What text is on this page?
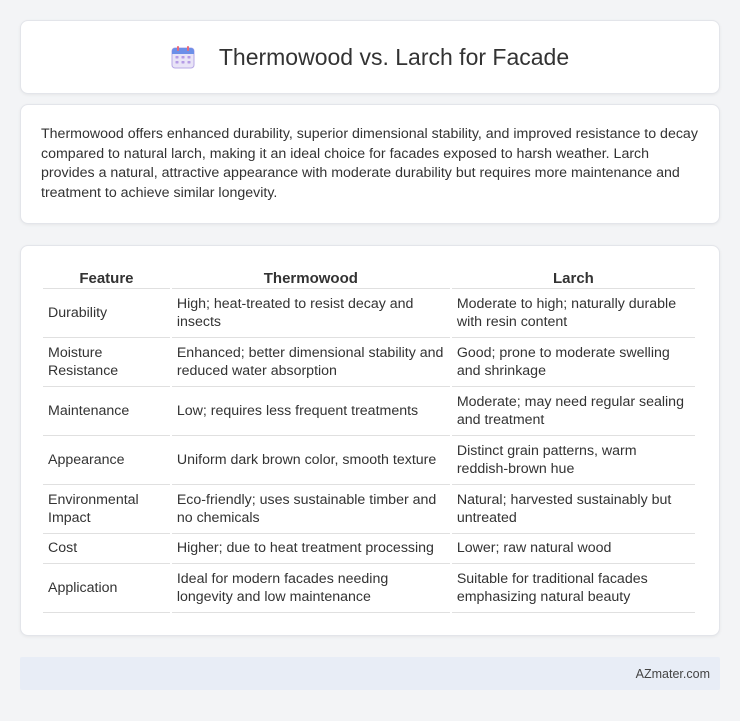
Thermowood vs. Larch for Facade

Thermowood offers enhanced durability, superior dimensional stability, and improved resistance to decay compared to natural larch, making it an ideal choice for facades exposed to harsh weather. Larch provides a natural, attractive appearance with moderate durability but requires more maintenance and treatment to achieve similar longevity.

Feature	Thermowood	Larch
Durability	High; heat-treated to resist decay and insects	Moderate to high; naturally durable with resin content
Moisture Resistance	Enhanced; better dimensional stability and reduced water absorption	Good; prone to moderate swelling and shrinkage
Maintenance	Low; requires less frequent treatments	Moderate; may need regular sealing and treatment
Appearance	Uniform dark brown color, smooth texture	Distinct grain patterns, warm reddish-brown hue
Environmental Impact	Eco-friendly; uses sustainable timber and no chemicals	Natural; harvested sustainably but untreated
Cost	Higher; due to heat treatment processing	Lower; raw natural wood
Application	Ideal for modern facades needing longevity and low maintenance	Suitable for traditional facades emphasizing natural beauty
AZmater.com
